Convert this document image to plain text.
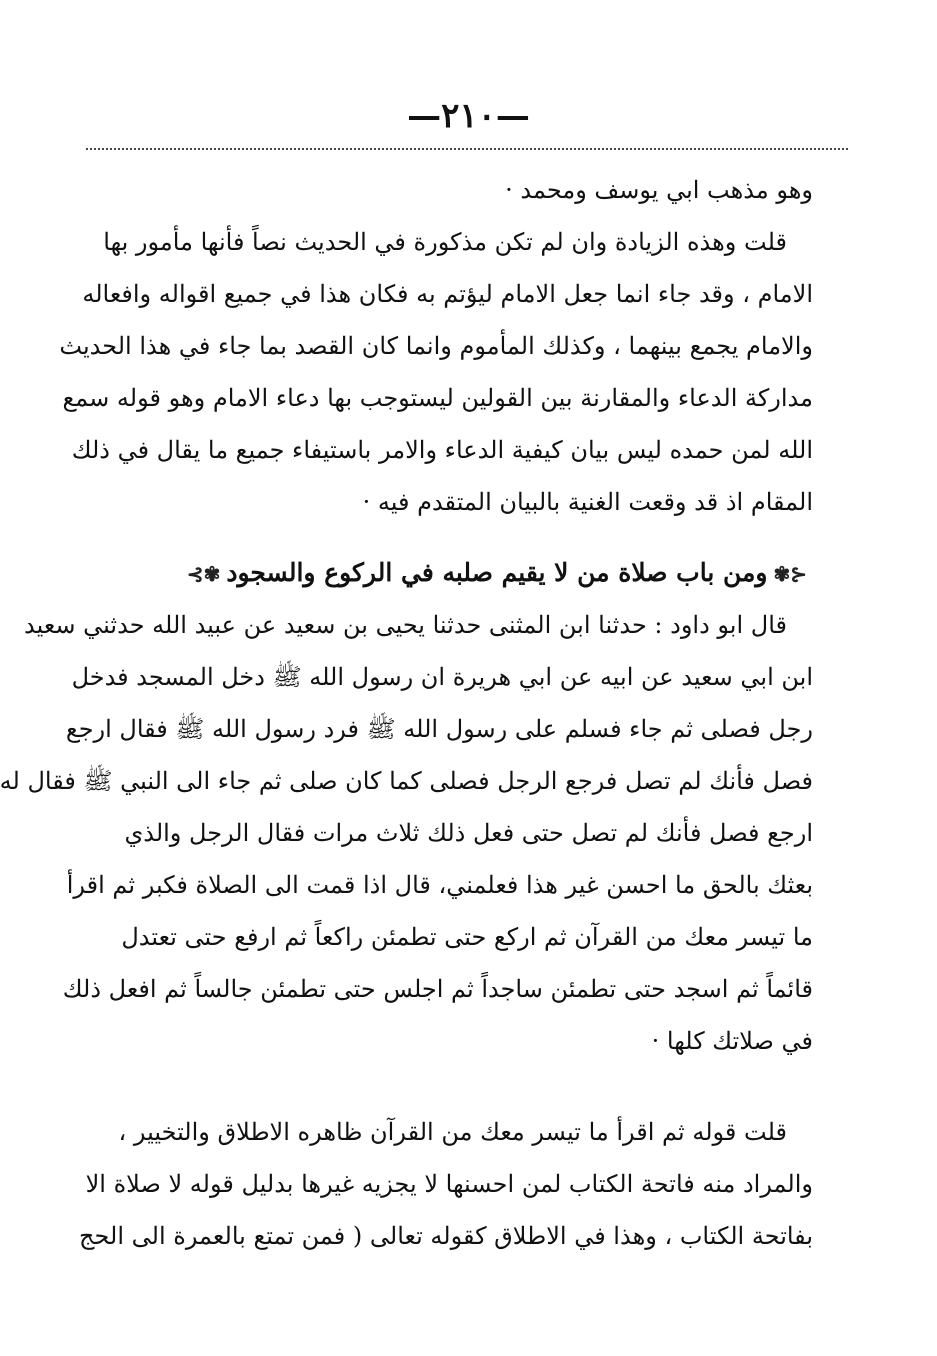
—٢١٠—
وهو مذهب ابي يوسف ومحمد ·
قلت وهذه الزيادة وان لم تكن مذكورة في الحديث نصاً فأنها مأمور بها
الامام ، وقد جاء انما جعل الامام ليؤتم به فكان هذا في جميع اقواله وافعاله
والامام يجمع بينهما ، وكذلك المأموم وانما كان القصد بما جاء في هذا الحديث
مداركة الدعاء والمقارنة بين القولين ليستوجب بها دعاء الامام وهو قوله سمع
الله لمن حمده ليس بيان كيفية الدعاء والامر باستيفاء جميع ما يقال في ذلك
المقام اذ قد وقعت الغنية بالبيان المتقدم فيه ·
⊰✾ومن باب صلاة من لا يقيم صلبه في الركوع والسجود✾⊱
قال ابو داود : حدثنا ابن المثنى حدثنا يحيى بن سعيد عن عبيد الله حدثني سعيد
ابن ابي سعيد عن ابيه عن ابي هريرة ان رسول الله ﷺ دخل المسجد فدخل
رجل فصلى ثم جاء فسلم على رسول الله ﷺ فرد رسول الله ﷺ فقال ارجع
فصل فأنك لم تصل فرجع الرجل فصلى كما كان صلى ثم جاء الى النبي ﷺ فقال له
ارجع فصل فأنك لم تصل حتى فعل ذلك ثلاث مرات فقال الرجل والذي
بعثك بالحق ما احسن غير هذا فعلمني، قال اذا قمت الى الصلاة فكبر ثم اقرأ
ما تيسر معك من القرآن ثم اركع حتى تطمئن راكعاً ثم ارفع حتى تعتدل
قائماً ثم اسجد حتى تطمئن ساجداً ثم اجلس حتى تطمئن جالساً ثم افعل ذلك
في صلاتك كلها ·
قلت قوله ثم اقرأ ما تيسر معك من القرآن ظاهره الاطلاق والتخيير ،
والمراد منه فاتحة الكتاب لمن احسنها لا يجزيه غيرها بدليل قوله لا صلاة الا
بفاتحة الكتاب ، وهذا في الاطلاق كقوله تعالى ( فمن تمتع بالعمرة الى الحج
